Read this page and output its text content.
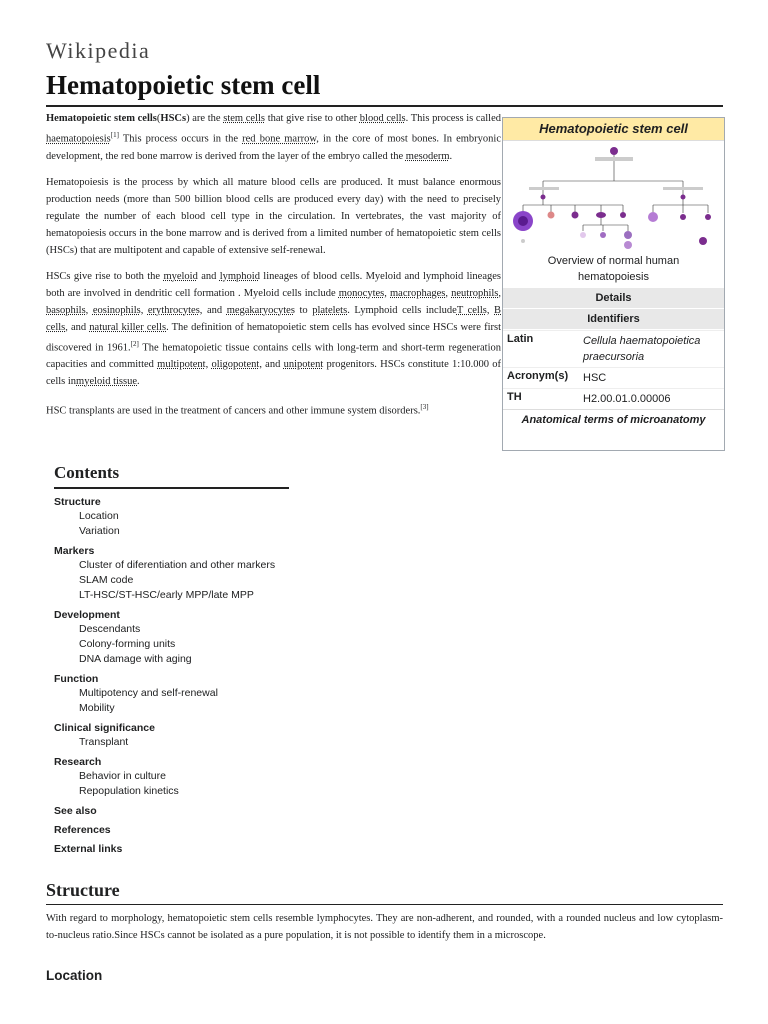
Wikipedia
Hematopoietic stem cell

Hematopoietic stem cells(HSCs) are the stem cells that give rise to other blood cells. This process is called haematopoiesis[1] This process occurs in the red bone marrow, in the core of most bones. In embryonic development, the red bone marrow is derived from the layer of the embryo called the mesoderm.

Hematopoiesis is the process by which all mature blood cells are produced. It must balance enormous production needs (more than 500 billion blood cells are produced every day) with the need to precisely regulate the number of each blood cell type in the circulation. In vertebrates, the vast majority of hematopoiesis occurs in the bone marrow and is derived from a limited number of hematopoietic stem cells (HSCs) that are multipotent and capable of extensive self-renewal.

HSCs give rise to both the myeloid and lymphoid lineages of blood cells. Myeloid and lymphoid lineages both are involved in dendritic cell formation . Myeloid cells include monocytes, macrophages, neutrophils, basophils, eosinophils, erythrocytes, and megakaryocytes to platelets. Lymphoid cells includeT cells, B cells, and natural killer cells. The definition of hematopoietic stem cells has evolved since HSCs were first discovered in 1961.[2] The hematopoietic tissue contains cells with long-term and short-term regeneration capacities and committed multipotent, oligopotent, and unipotent progenitors. HSCs constitute 1:10.000 of cells inmyeloid tissue.

HSC transplants are used in the treatment of cancers and other immune system disorders.[3]

Hematopoietic stem cell
Overview of normal human hematopoiesis
Details
Identifiers
Latin	Cellula haematopoietica praecursoria
Acronym(s)	HSC
TH	H2.00.01.0.00006
Anatomical terms of microanatomy
Contents
Structure
Location
Variation
Markers
Cluster of diferentiation and other markers
SLAM code
LT-HSC/ST-HSC/early MPP/late MPP
Development
Descendants
Colony-forming units
DNA damage with aging
Function
Multipotency and self-renewal
Mobility
Clinical significance
Transplant
Research
Behavior in culture
Repopulation kinetics
See also
References
External links
Structure

With regard to morphology, hematopoietic stem cells resemble lymphocytes. They are non-adherent, and rounded, with a rounded nucleus and low cytoplasm-to-nucleus ratio.Since HSCs cannot be isolated as a pure population, it is not possible to identify them in a microscope.

Location
